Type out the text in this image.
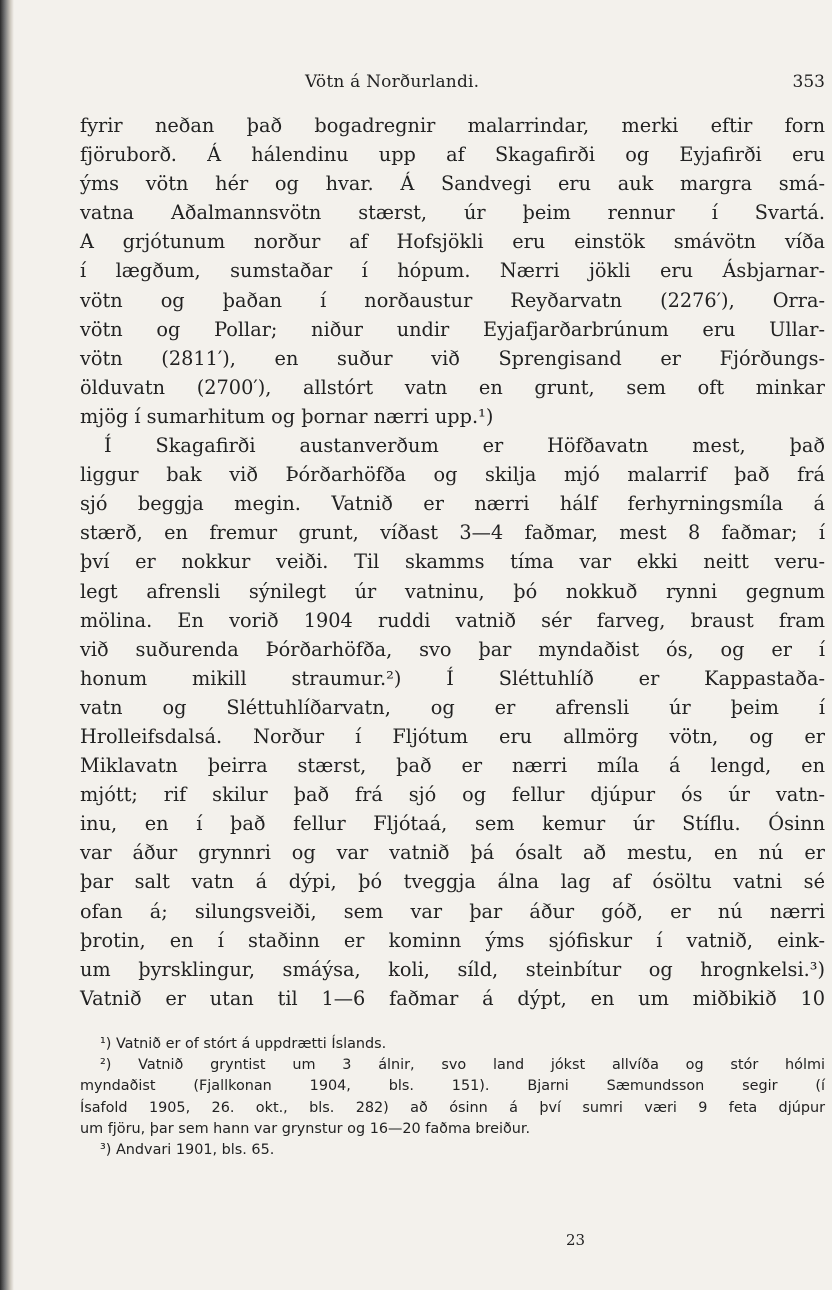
Vötn á Norðurlandi.	353
fyrir neðan það bogadregnir malarrindar, merki eftir forn
fjöruborð. Á hálendinu upp af Skagafirði og Eyjafirði eru
ýms vötn hér og hvar. Á Sandvegi eru auk margra smá-
vatna Aðalmannsvötn stærst, úr þeim rennur í Svartá.
A grjótunum norður af Hofsjökli eru einstök smávötn víða
í lægðum, sumstaðar í hópum. Nærri jökli eru Ásbjarnar-
vötn og þaðan í norðaustur Reyðarvatn (2276′), Orra-
vötn og Pollar; niður undir Eyjafjarðarbrúnum eru Ullar-
vötn (2811′), en suður við Sprengisand er Fjórðungs-
ölduvatn (2700′), allstórt vatn en grunt, sem oft minkar
mjög í sumarhitum og þornar nærri upp.¹)
Í Skagafirði austanverðum er Höfðavatn mest, það
liggur bak við Þórðarhöfða og skilja mjó malarrif það frá
sjó beggja megin. Vatnið er nærri hálf ferhyrningsmíla á
stærð, en fremur grunt, víðast 3—4 faðmar, mest 8 faðmar; í
því er nokkur veiði. Til skamms tíma var ekki neitt veru-
legt afrensli sýnilegt úr vatninu, þó nokkuð rynni gegnum
mölina. En vorið 1904 ruddi vatnið sér farveg, braust fram
við suðurenda Þórðarhöfða, svo þar myndaðist ós, og er í
honum mikill straumur.²) Í Sléttuhlíð er Kappastaða-
vatn og Sléttuhlíðarvatn, og er afrensli úr þeim í
Hrolleifsdalsá. Norður í Fljótum eru allmörg vötn, og er
Miklavatn þeirra stærst, það er nærri míla á lengd, en
mjótt; rif skilur það frá sjó og fellur djúpur ós úr vatn-
inu, en í það fellur Fljótaá, sem kemur úr Stíflu. Ósinn
var áður grynnri og var vatnið þá ósalt að mestu, en nú er
þar salt vatn á dýpi, þó tveggja álna lag af ósöltu vatni sé
ofan á; silungsveiði, sem var þar áður góð, er nú nærri
þrotin, en í staðinn er kominn ýms sjófiskur í vatnið, eink-
um þyrsklingur, smáýsa, koli, síld, steinbítur og hrognkelsi.³)
Vatnið er utan til 1—6 faðmar á dýpt, en um miðbikið 10
¹) Vatnið er of stórt á uppdrætti Íslands.
²) Vatnið gryntist um 3 álnir, svo land jókst allvíða og stór hólmi
myndaðist (Fjallkonan 1904, bls. 151). Bjarni Sæmundsson segir (í
Ísafold 1905, 26. okt., bls. 282) að ósinn á því sumri væri 9 feta djúpur
um fjöru, þar sem hann var grynstur og 16—20 faðma breiður.
³) Andvari 1901, bls. 65.
23
